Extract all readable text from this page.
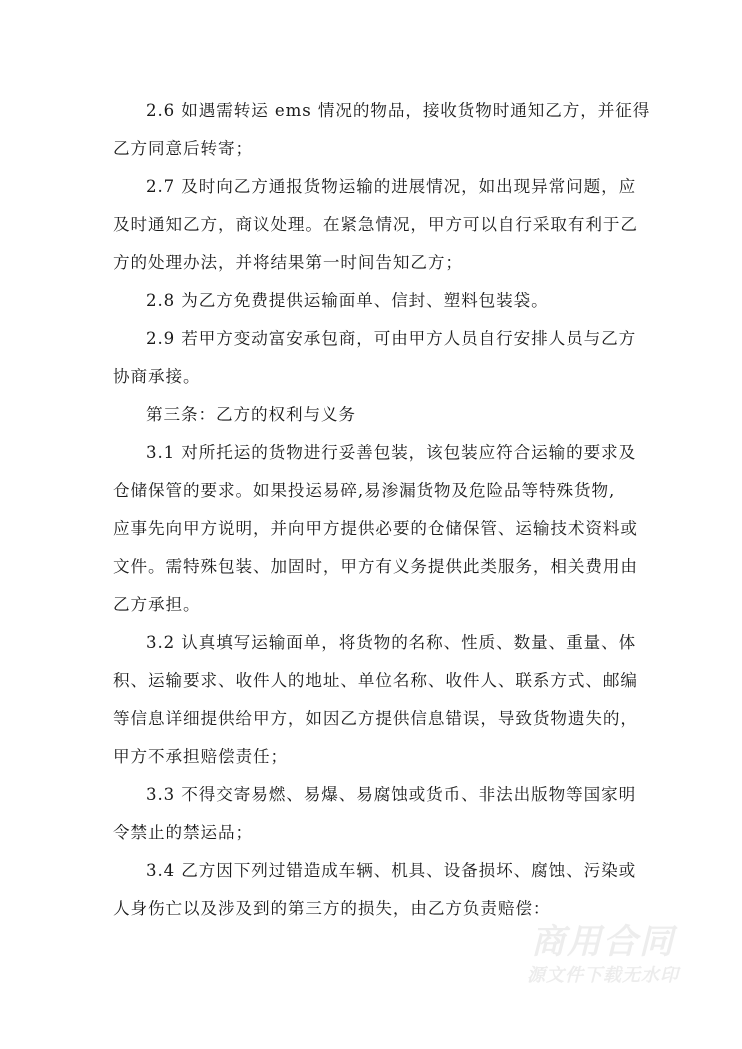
2.6 如遇需转运 ems 情况的物品，接收货物时通知乙方，并征得
乙方同意后转寄；
2.7 及时向乙方通报货物运输的进展情况，如出现异常问题，应
及时通知乙方，商议处理。在紧急情况，甲方可以自行采取有利于乙
方的处理办法，并将结果第一时间告知乙方；
2.8 为乙方免费提供运输面单、信封、塑料包装袋。
2.9 若甲方变动富安承包商，可由甲方人员自行安排人员与乙方
协商承接。
第三条：乙方的权利与义务
3.1 对所托运的货物进行妥善包装，该包装应符合运输的要求及
仓储保管的要求。如果投运易碎,易渗漏货物及危险品等特殊货物,
应事先向甲方说明，并向甲方提供必要的仓储保管、运输技术资料或
文件。需特殊包装、加固时，甲方有义务提供此类服务，相关费用由
乙方承担。
3.2 认真填写运输面单，将货物的名称、性质、数量、重量、体
积、运输要求、收件人的地址、单位名称、收件人、联系方式、邮编
等信息详细提供给甲方，如因乙方提供信息错误，导致货物遗失的，
甲方不承担赔偿责任；
3.3 不得交寄易燃、易爆、易腐蚀或货币、非法出版物等国家明
令禁止的禁运品；
3.4 乙方因下列过错造成车辆、机具、设备损坏、腐蚀、污染或
人身伤亡以及涉及到的第三方的损失，由乙方负责赔偿：
商用合同
源文件下载无水印
